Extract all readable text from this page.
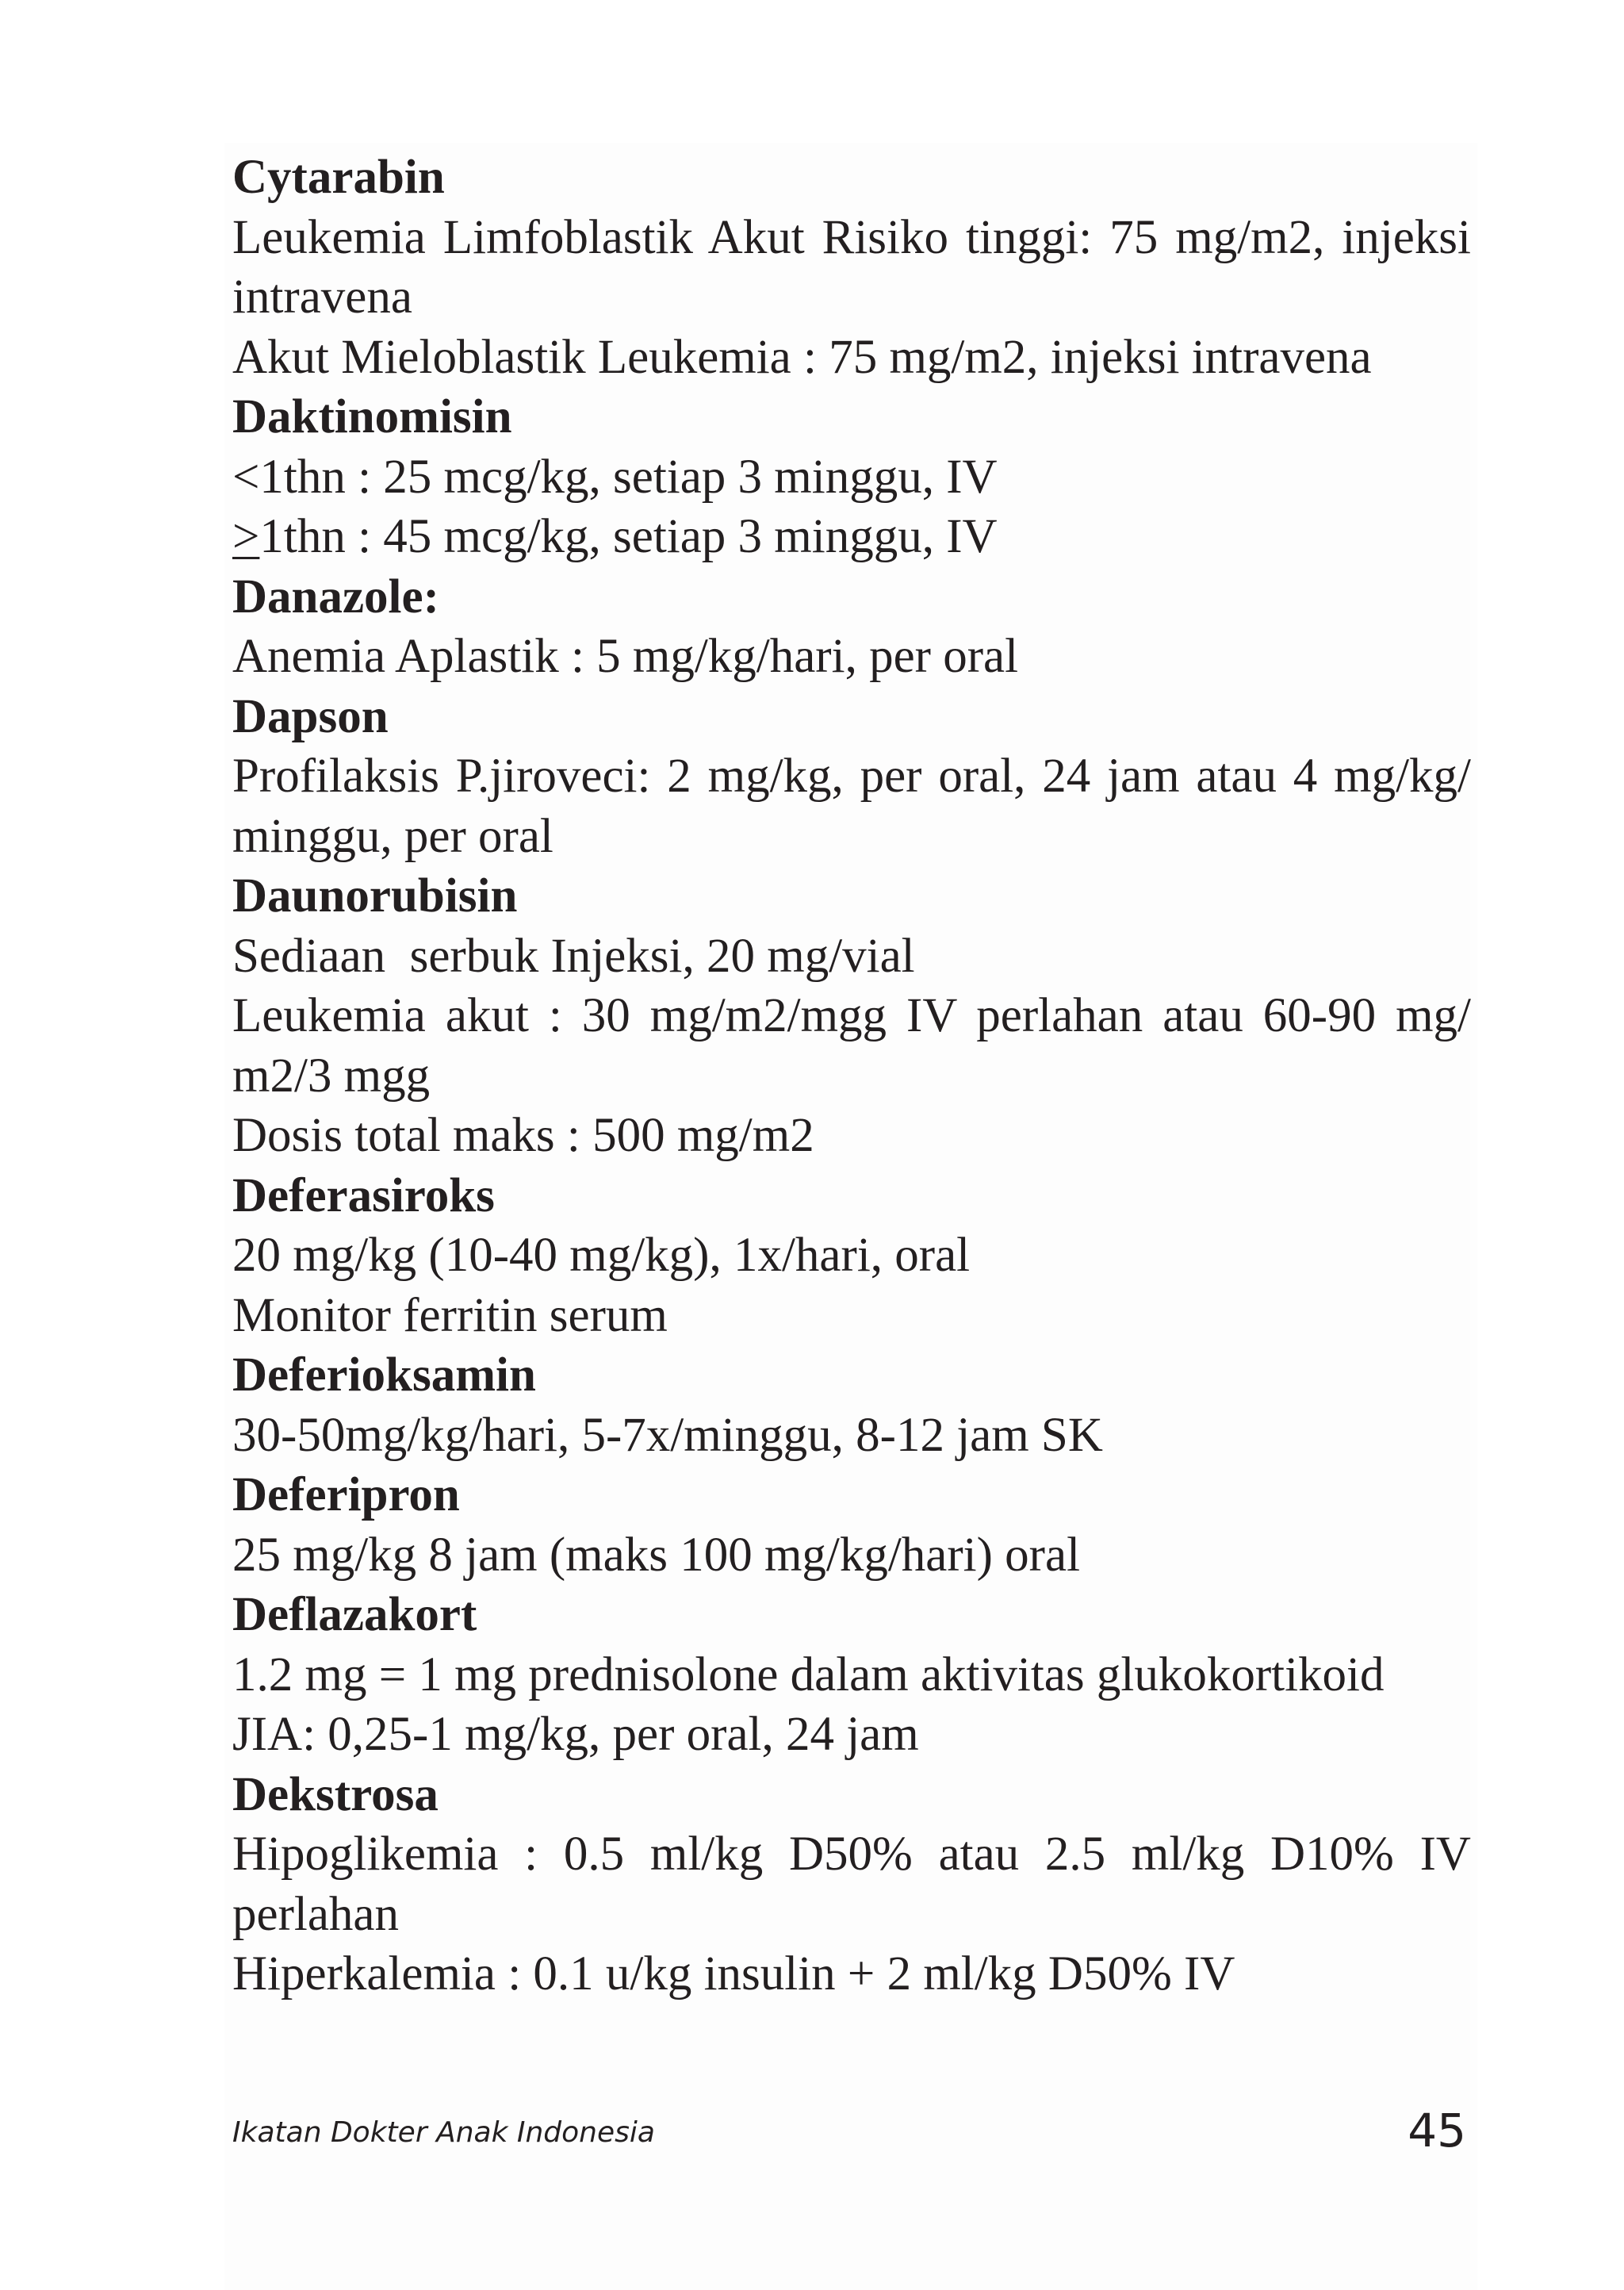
Cytarabin
Leukemia Limfoblastik Akut Risiko tinggi: 75 mg/m2, injeksi intravena
Akut Mieloblastik Leukemia : 75 mg/m2, injeksi intravena
Daktinomisin
<1thn : 25 mcg/kg, setiap 3 minggu, IV
≥1thn : 45 mcg/kg, setiap 3 minggu, IV
Danazole:
Anemia Aplastik : 5 mg/kg/hari, per oral
Dapson
Profilaksis P.jiroveci: 2 mg/kg, per oral, 24 jam atau 4 mg/kg/ minggu, per oral
Daunorubisin
Sediaan  serbuk Injeksi, 20 mg/vial
Leukemia akut : 30 mg/m2/mgg IV perlahan atau 60-90 mg/ m2/3 mgg
Dosis total maks : 500 mg/m2
Deferasiroks
20 mg/kg (10-40 mg/kg), 1x/hari, oral
Monitor ferritin serum
Deferioksamin
30-50mg/kg/hari, 5-7x/minggu, 8-12 jam SK
Deferipron
25 mg/kg 8 jam (maks 100 mg/kg/hari) oral
Deflazakort
1.2 mg = 1 mg prednisolone dalam aktivitas glukokortikoid
JIA: 0,25-1 mg/kg, per oral, 24 jam
Dekstrosa
Hipoglikemia : 0.5 ml/kg D50% atau 2.5 ml/kg D10% IV perlahan
Hiperkalemia : 0.1 u/kg insulin + 2 ml/kg D50% IV
Ikatan Dokter Anak Indonesia	45
